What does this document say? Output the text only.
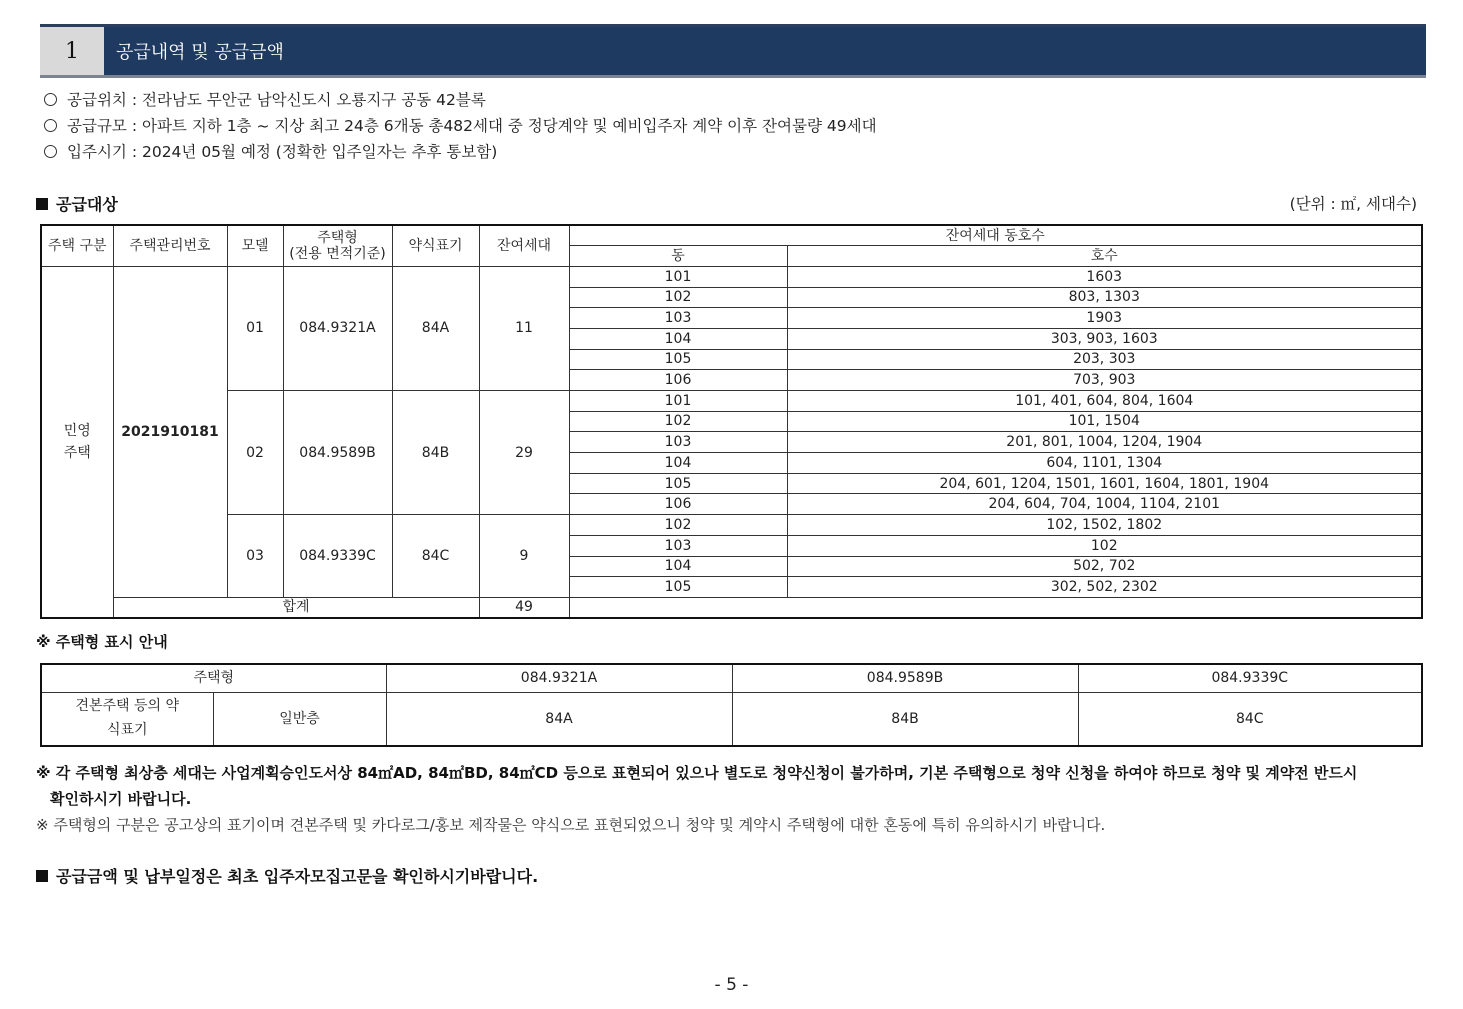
1	공급내역 및 공급금액
공급위치 : 전라남도 무안군 남악신도시 오룡지구 공동 42블록
공급규모 : 아파트 지하 1층 ~ 지상 최고 24층 6개동 총482세대 중 정당계약 및 예비입주자 계약 이후 잔여물량 49세대
입주시기 : 2024년 05월 예정 (정확한 입주일자는 추후 통보함)
공급대상	(단위 : ㎡, 세대수)
주택 구분	주택관리번호	모델	주택형
(전용 면적기준)	약식표기	잔여세대	잔여세대 동호수	
						동	호수
민영 주택	2021910181	01	084.9321A	84A	11	101	1603
						102	803, 1303
						103	1903
						104	303, 903, 1603
						105	203, 303
						106	703, 903
		02	084.9589B	84B	29	101	101, 401, 604, 804, 1604
						102	101, 1504
						103	201, 801, 1004, 1204, 1904
						104	604, 1101, 1304
						105	204, 601, 1204, 1501, 1601, 1604, 1801, 1904
						106	204, 604, 704, 1004, 1104, 2101
		03	084.9339C	84C	9	102	102, 1502, 1802
						103	102
						104	502, 702
						105	302, 502, 2302
	합계				49		
※ 주택형 표시 안내
주택형		084.9321A	084.9589B	084.9339C
견본주택 등의 약식표기	일반층	84A	84B	84C
※ 각 주택형 최상층 세대는 사업계획승인도서상 84㎡AD, 84㎡BD, 84㎡CD 등으로 표현되어 있으나 별도로 청약신청이 불가하며, 기본 주택형으로 청약 신청을 하여야 하므로 청약 및 계약전 반드시
확인하시기 바랍니다.
※ 주택형의 구분은 공고상의 표기이며 견본주택 및 카다로그/홍보 제작물은 약식으로 표현되었으니 청약 및 계약시 주택형에 대한 혼동에 특히 유의하시기 바랍니다.
공급금액 및 납부일정은 최초 입주자모집고문을 확인하시기바랍니다.
- 5 -
